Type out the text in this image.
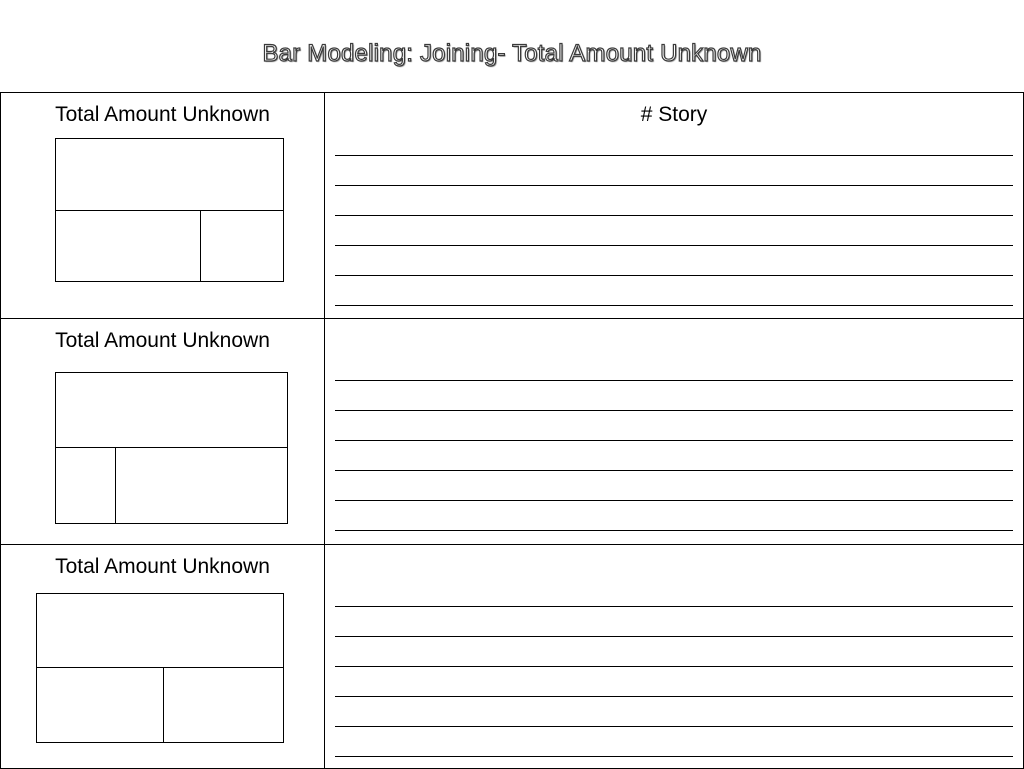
Bar Modeling: Joining- Total Amount Unknown
Total Amount Unknown	# Story
Total Amount Unknown
Total Amount Unknown
